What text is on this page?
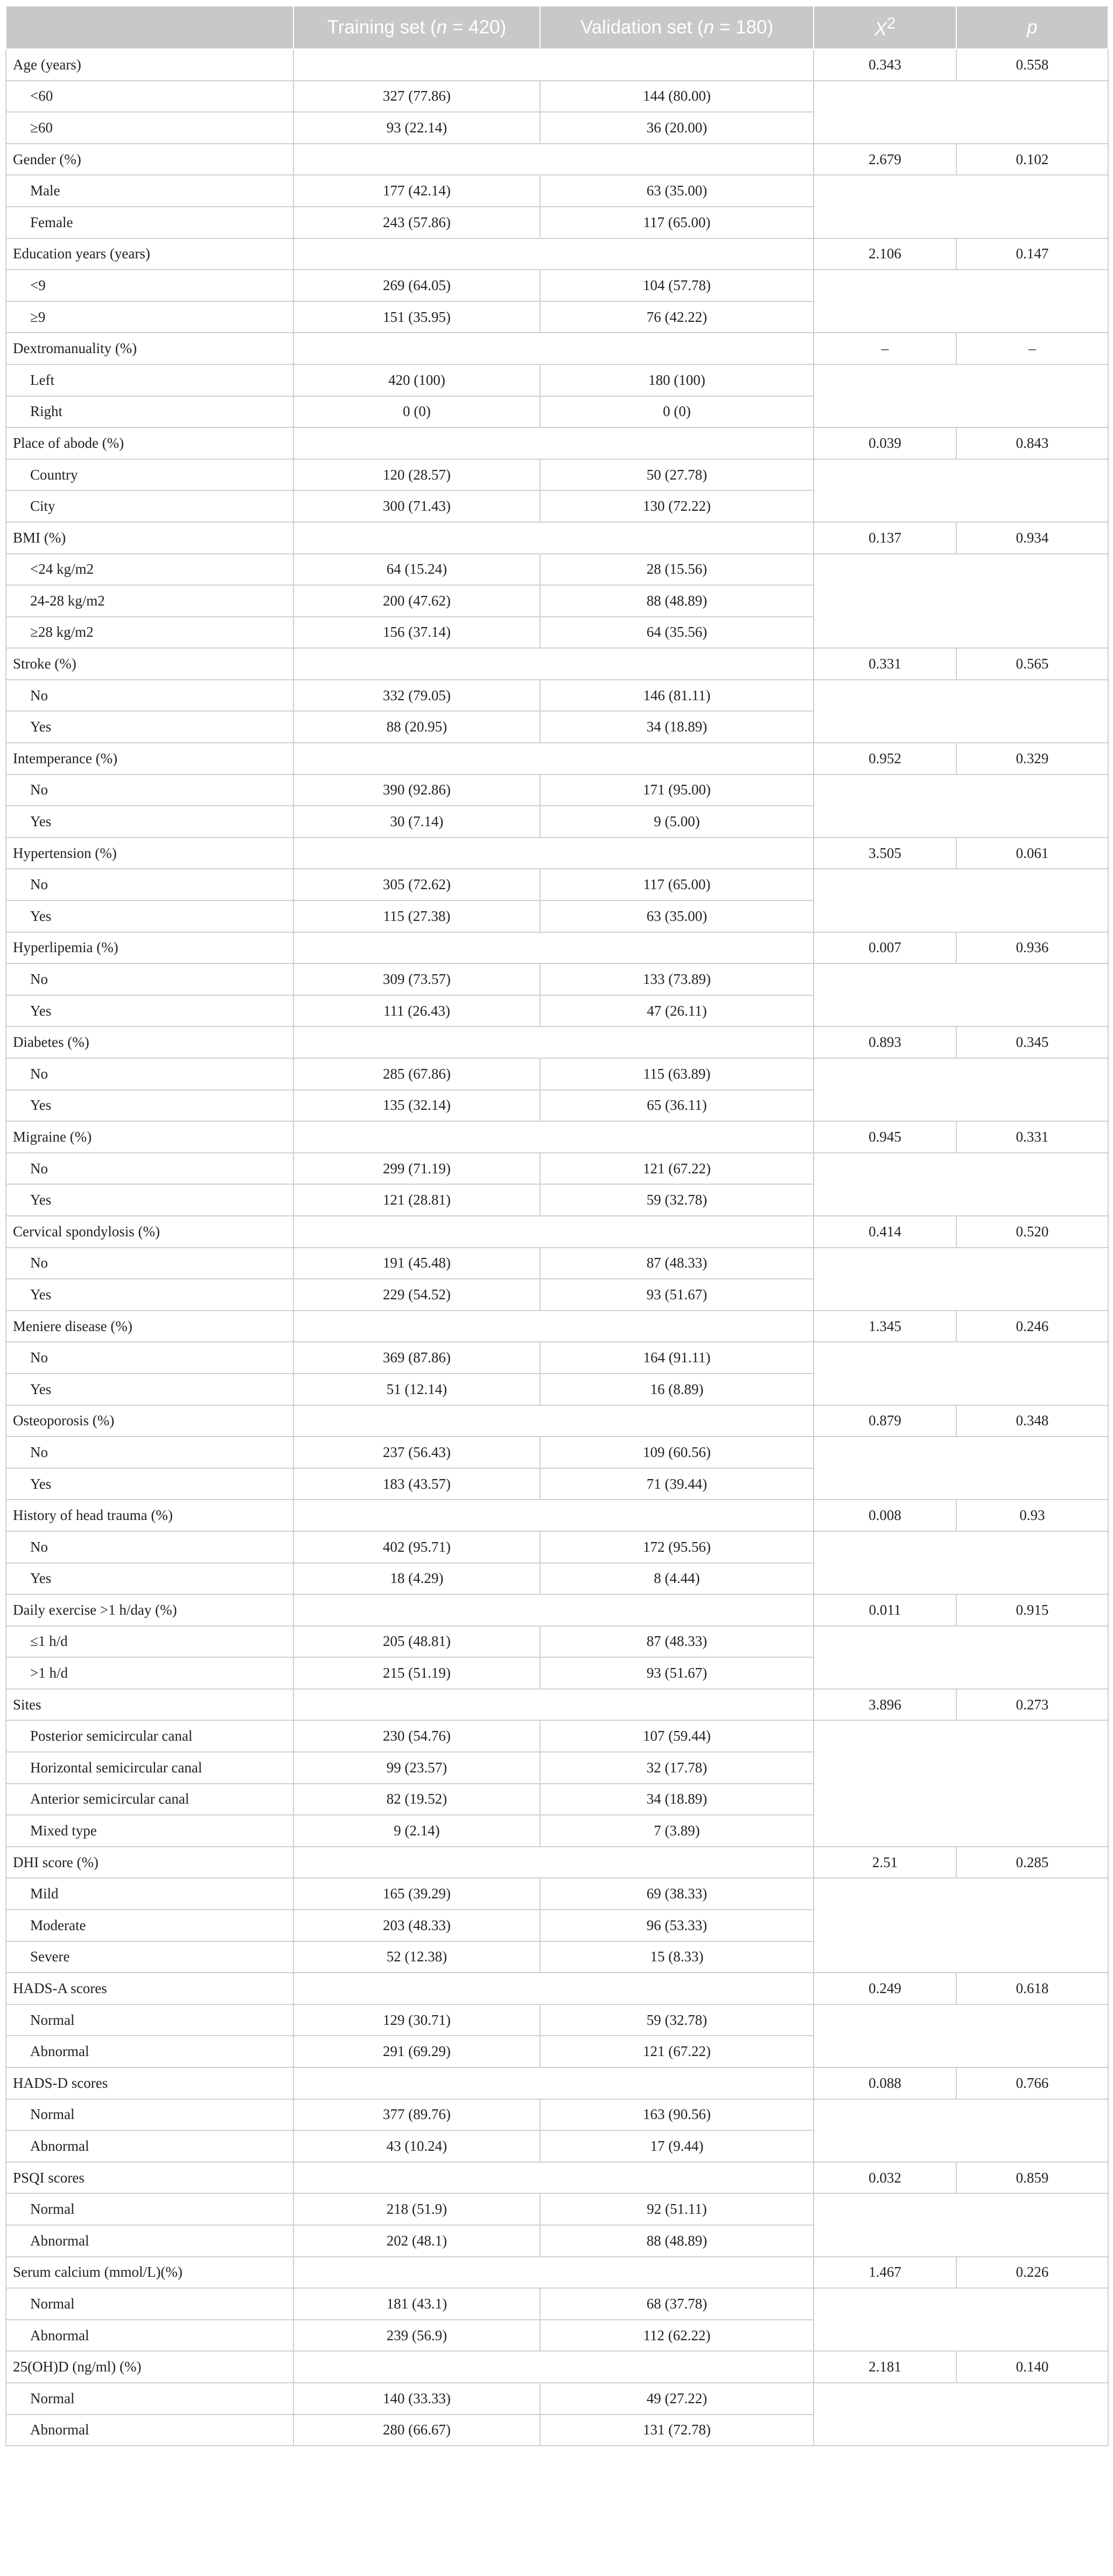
	Training set (n = 420)	Validation set (n = 180)	$X^2$	p
Age (years)			0.343	0.558
<60	327 (77.86)	144 (80.00)		
≥60	93 (22.14)	36 (20.00)		
Gender (%)			2.679	0.102
Male	177 (42.14)	63 (35.00)		
Female	243 (57.86)	117 (65.00)		
Education years (years)			2.106	0.147
<9	269 (64.05)	104 (57.78)		
≥9	151 (35.95)	76 (42.22)		
Dextromanuality (%)			–	–
Left	420 (100)	180 (100)		
Right	0 (0)	0 (0)		
Place of abode (%)			0.039	0.843
Country	120 (28.57)	50 (27.78)		
City	300 (71.43)	130 (72.22)		
BMI (%)			0.137	0.934
<24 kg/m2	64 (15.24)	28 (15.56)		
24-28 kg/m2	200 (47.62)	88 (48.89)		
≥28 kg/m2	156 (37.14)	64 (35.56)		
Stroke (%)			0.331	0.565
No	332 (79.05)	146 (81.11)		
Yes	88 (20.95)	34 (18.89)		
Intemperance (%)			0.952	0.329
No	390 (92.86)	171 (95.00)		
Yes	30 (7.14)	9 (5.00)		
Hypertension (%)			3.505	0.061
No	305 (72.62)	117 (65.00)		
Yes	115 (27.38)	63 (35.00)		
Hyperlipemia (%)			0.007	0.936
No	309 (73.57)	133 (73.89)		
Yes	111 (26.43)	47 (26.11)		
Diabetes (%)			0.893	0.345
No	285 (67.86)	115 (63.89)		
Yes	135 (32.14)	65 (36.11)		
Migraine (%)			0.945	0.331
No	299 (71.19)	121 (67.22)		
Yes	121 (28.81)	59 (32.78)		
Cervical spondylosis (%)			0.414	0.520
No	191 (45.48)	87 (48.33)		
Yes	229 (54.52)	93 (51.67)		
Meniere disease (%)			1.345	0.246
No	369 (87.86)	164 (91.11)		
Yes	51 (12.14)	16 (8.89)		
Osteoporosis (%)			0.879	0.348
No	237 (56.43)	109 (60.56)		
Yes	183 (43.57)	71 (39.44)		
History of head trauma (%)			0.008	0.93
No	402 (95.71)	172 (95.56)		
Yes	18 (4.29)	8 (4.44)		
Daily exercise >1 h/day (%)			0.011	0.915
≤1 h/d	205 (48.81)	87 (48.33)		
>1 h/d	215 (51.19)	93 (51.67)		
Sites			3.896	0.273
Posterior semicircular canal	230 (54.76)	107 (59.44)		
Horizontal semicircular canal	99 (23.57)	32 (17.78)		
Anterior semicircular canal	82 (19.52)	34 (18.89)		
Mixed type	9 (2.14)	7 (3.89)		
DHI score (%)			2.51	0.285
Mild	165 (39.29)	69 (38.33)		
Moderate	203 (48.33)	96 (53.33)		
Severe	52 (12.38)	15 (8.33)		
HADS-A scores			0.249	0.618
Normal	129 (30.71)	59 (32.78)		
Abnormal	291 (69.29)	121 (67.22)		
HADS-D scores			0.088	0.766
Normal	377 (89.76)	163 (90.56)		
Abnormal	43 (10.24)	17 (9.44)		
PSQI scores			0.032	0.859
Normal	218 (51.9)	92 (51.11)		
Abnormal	202 (48.1)	88 (48.89)		
Serum calcium (mmol/L)(%)			1.467	0.226
Normal	181 (43.1)	68 (37.78)		
Abnormal	239 (56.9)	112 (62.22)		
25(OH)D (ng/ml) (%)			2.181	0.140
Normal	140 (33.33)	49 (27.22)		
Abnormal	280 (66.67)	131 (72.78)		
